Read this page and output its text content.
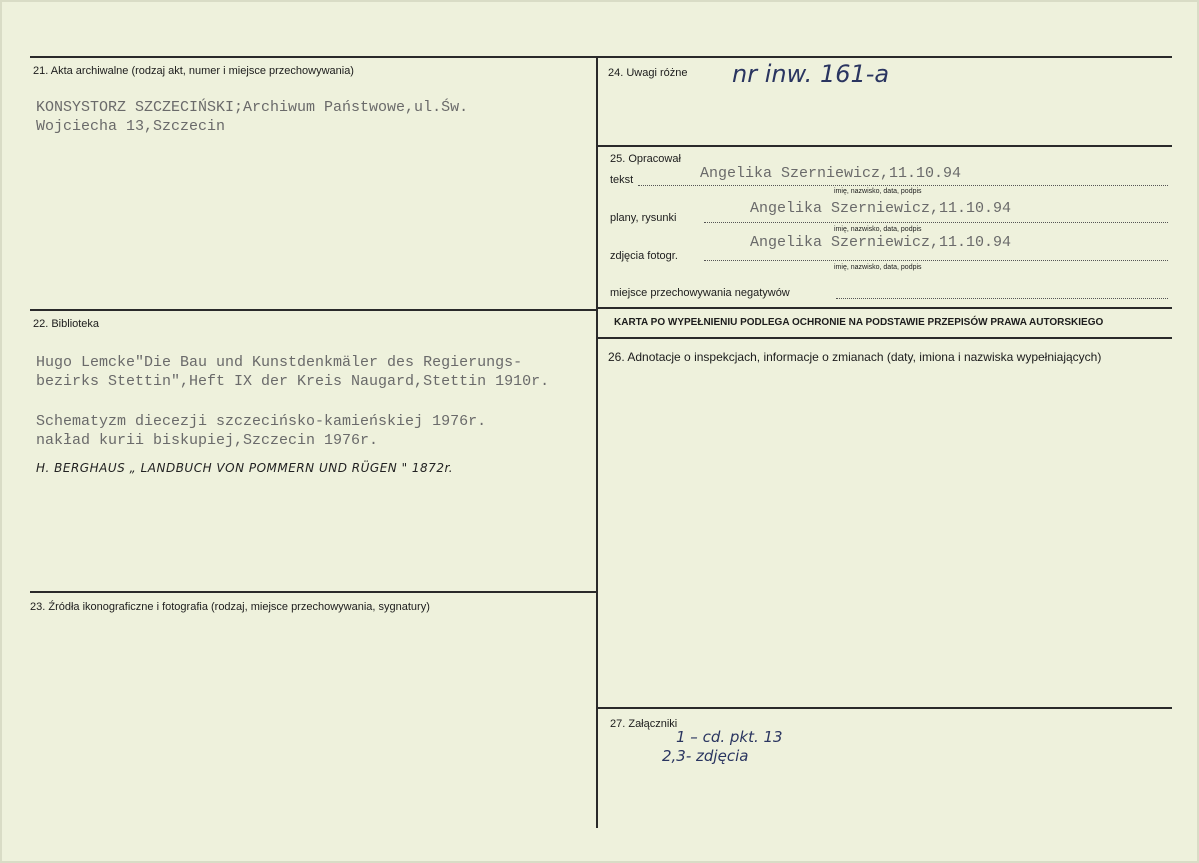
21. Akta archiwalne (rodzaj akt, numer i miejsce przechowywania)
KONSYSTORZ SZCZECIŃSKI;Archiwum Państwowe,ul.Św.
Wojciecha 13,Szczecin
22. Biblioteka
Hugo Lemcke"Die Bau und Kunstdenkmäler des Regierungs-
bezirks Stettin",Heft IX der Kreis Naugard,Stettin 1910r.
Schematyzm diecezji szczecińsko-kamieńskiej 1976r.
nakład kurii biskupiej,Szczecin 1976r.
H. BERGHAUS „ LANDBUCH VON POMMERN UND RÜGEN " 1872r.
23. Źródła ikonograficzne i fotografia (rodzaj, miejsce przechowywania, sygnatury)
24. Uwagi różne nr inw. 161-a
25. Opracował
tekst	Angelika Szerniewicz,11.10.94
imię, nazwisko, data, podpis
plany, rysunki
Angelika Szerniewicz,11.10.94
imię, nazwisko, data, podpis
zdjęcia fotogr.
Angelika Szerniewicz,11.10.94
imię, nazwisko, data, podpis
miejsce przechowywania negatywów
KARTA PO WYPEŁNIENIU PODLEGA OCHRONIE NA PODSTAWIE PRZEPISÓW PRAWA AUTORSKIEGO
26. Adnotacje o inspekcjach, informacje o zmianach (daty, imiona i nazwiska wypełniających)
27. Załączniki
1 – cd. pkt. 13
2,3- zdjęcia
